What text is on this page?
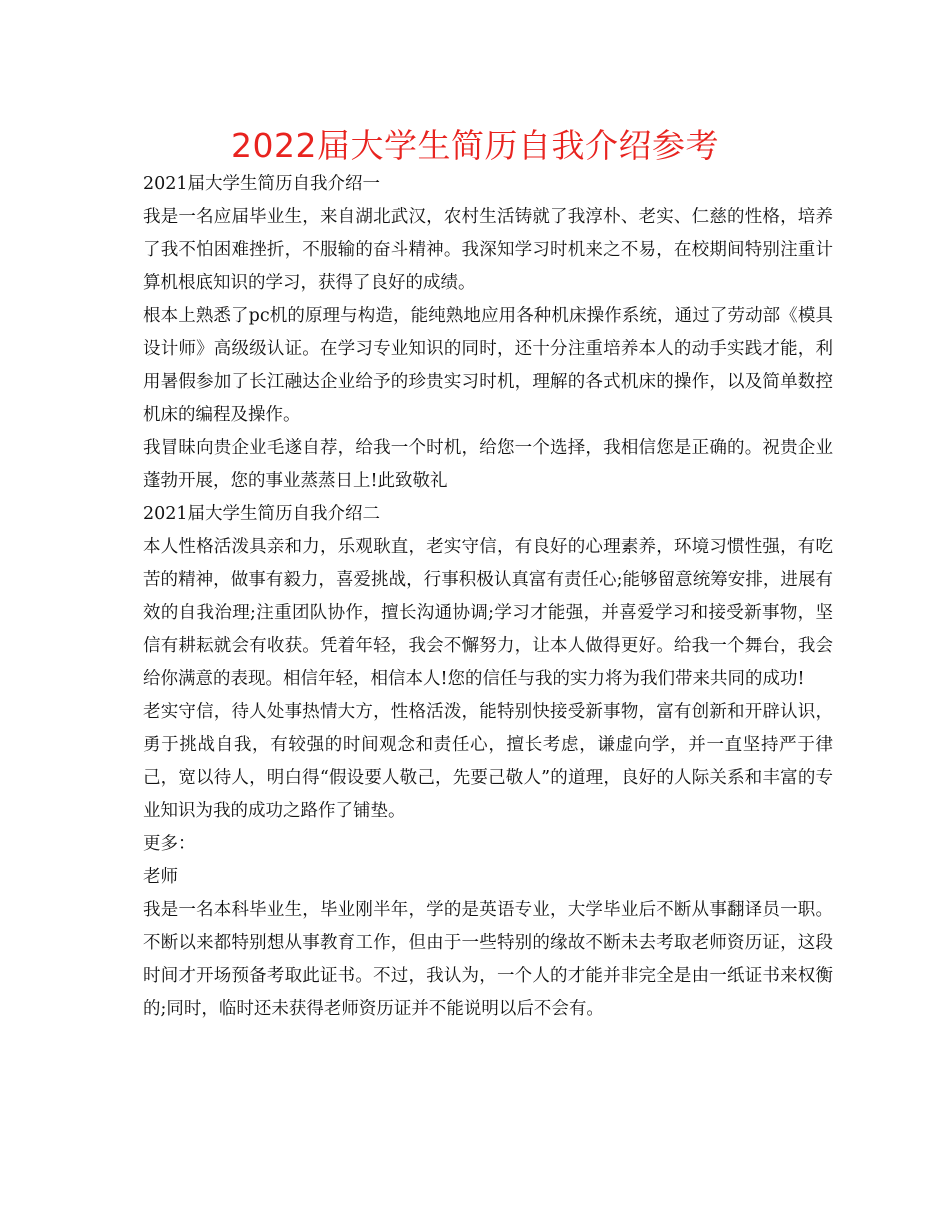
2022届大学生简历自我介绍参考

2021届大学生简历自我介绍一

我是一名应届毕业生，来自湖北武汉，农村生活铸就了我淳朴、老实、仁慈的性格，培养了我不怕困难挫折，不服输的奋斗精神。我深知学习时机来之不易，在校期间特别注重计算机根底知识的学习，获得了良好的成绩。

根本上熟悉了pc机的原理与构造，能纯熟地应用各种机床操作系统，通过了劳动部《模具设计师》高级级认证。在学习专业知识的同时，还十分注重培养本人的动手实践才能，利用暑假参加了长江融达企业给予的珍贵实习时机，理解的各式机床的操作，以及简单数控机床的编程及操作。

我冒昧向贵企业毛遂自荐，给我一个时机，给您一个选择，我相信您是正确的。祝贵企业蓬勃开展，您的事业蒸蒸日上!此致敬礼

2021届大学生简历自我介绍二

本人性格活泼具亲和力，乐观耿直，老实守信，有良好的心理素养，环境习惯性强，有吃苦的精神，做事有毅力，喜爱挑战，行事积极认真富有责任心;能够留意统筹安排，进展有效的自我治理;注重团队协作，擅长沟通协调;学习才能强，并喜爱学习和接受新事物，坚信有耕耘就会有收获。凭着年轻，我会不懈努力，让本人做得更好。给我一个舞台，我会给你满意的表现。相信年轻，相信本人!您的信任与我的实力将为我们带来共同的成功!

老实守信，待人处事热情大方，性格活泼，能特别快接受新事物，富有创新和开辟认识，勇于挑战自我，有较强的时间观念和责任心，擅长考虑，谦虚向学，并一直坚持严于律己，宽以待人，明白得“假设要人敬己，先要己敬人”的道理，良好的人际关系和丰富的专业知识为我的成功之路作了铺垫。

更多：

老师

我是一名本科毕业生，毕业刚半年，学的是英语专业，大学毕业后不断从事翻译员一职。不断以来都特别想从事教育工作，但由于一些特别的缘故不断未去考取老师资历证，这段时间才开场预备考取此证书。不过，我认为，一个人的才能并非完全是由一纸证书来权衡的;同时，临时还未获得老师资历证并不能说明以后不会有。
